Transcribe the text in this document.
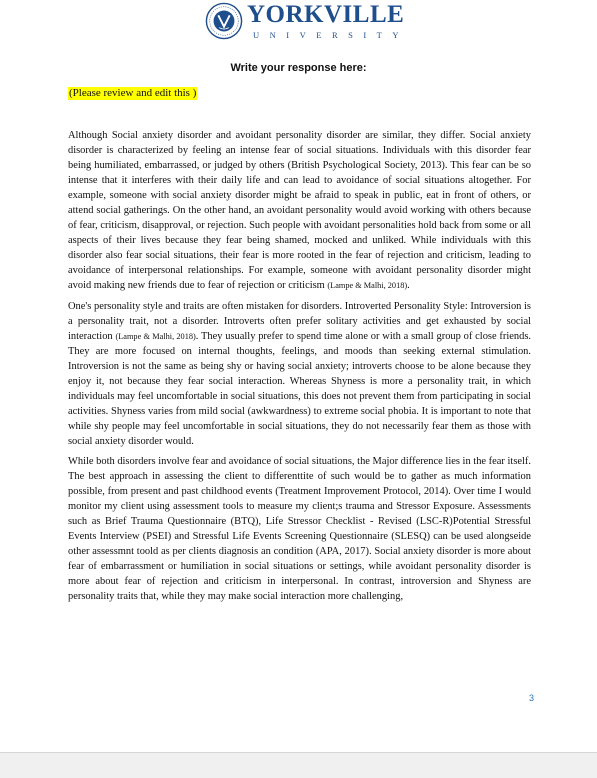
YORKVILLE
UNIVERSITY
Write your response here:
(Please review and edit this )

Although Social anxiety disorder and avoidant personality disorder are similar, they differ. Social anxiety disorder is characterized by feeling an intense fear of social situations. Individuals with this disorder fear being humiliated, embarrassed, or judged by others (British Psychological Society, 2013). This fear can be so intense that it interferes with their daily life and can lead to avoidance of social situations altogether. For example, someone with social anxiety disorder might be afraid to speak in public, eat in front of others, or attend social gatherings. On the other hand, an avoidant personality would avoid working with others because of fear, criticism, disapproval, or rejection. Such people with avoidant personalities hold back from some or all aspects of their lives because they fear being shamed, mocked and unliked. While individuals with this disorder also fear social situations, their fear is more rooted in the fear of rejection and criticism, leading to avoidance of interpersonal relationships. For example, someone with avoidant personality disorder might avoid making new friends due to fear of rejection or criticism (Lampe & Malhi, 2018).

One's personality style and traits are often mistaken for disorders. Introverted Personality Style: Introversion is a personality trait, not a disorder. Introverts often prefer solitary activities and get exhausted by social interaction (Lampe & Malhi, 2018). They usually prefer to spend time alone or with a small group of close friends. They are more focused on internal thoughts, feelings, and moods than seeking external stimulation. Introversion is not the same as being shy or having social anxiety; introverts choose to be alone because they enjoy it, not because they fear social interaction. Whereas Shyness is more a personality trait, in which individuals may feel uncomfortable in social situations, this does not prevent them from participating in social activities. Shyness varies from mild social (awkwardness) to extreme social phobia. It is important to note that while shy people may feel uncomfortable in social situations, they do not necessarily fear them as those with social anxiety disorder would.

While both disorders involve fear and avoidance of social situations, the Major difference lies in the fear itself. The best approach in assessing the client to differenttite of such would be to gather as much information possible, from present and past childhood events (Treatment Improvement Protocol, 2014). Over time I would monitor my client using assessment tools to measure my client;s trauma and Stressor Exposure. Assessments such as Brief Trauma Questionnaire (BTQ), Life Stressor Checklist - Revised (LSC-R)Potential Stressful Events Interview (PSEI) and Stressful Life Events Screening Questionnaire (SLESQ) can be used alongseide other assessmnt toold as per clients diagnosis an condition (APA, 2017). Social anxiety disorder is more about fear of embarrassment or humiliation in social situations or settings, while avoidant personality disorder is more about fear of rejection and criticism in interpersonal. In contrast, introversion and Shyness are personality traits that, while they may make social interaction more challenging,

3
